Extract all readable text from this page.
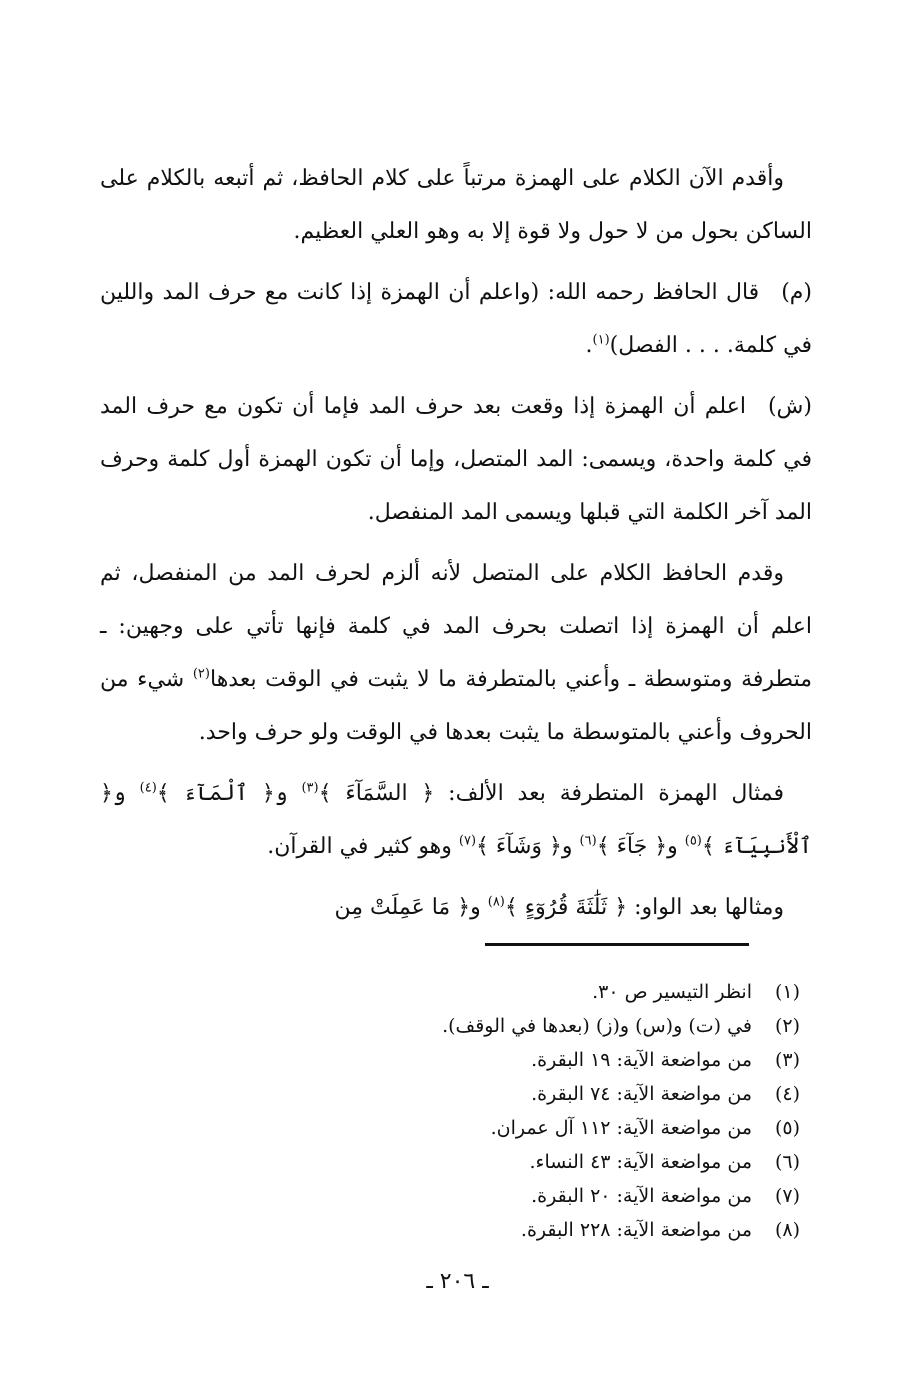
وأقدم الآن الكلام على الهمزة مرتباً على كلام الحافظ، ثم أتبعه بالكلام على الساكن بحول من لا حول ولا قوة إلا به وهو العلي العظيم.

(م)قال الحافظ رحمه الله: (واعلم أن الهمزة إذا كانت مع حرف المد واللين في كلمة. . . . الفصل)$^{(١)}$.

(ش)اعلم أن الهمزة إذا وقعت بعد حرف المد فإما أن تكون مع حرف المد في كلمة واحدة، ويسمى: المد المتصل، وإما أن تكون الهمزة أول كلمة وحرف المد آخر الكلمة التي قبلها ويسمى المد المنفصل.

وقدم الحافظ الكلام على المتصل لأنه ألزم لحرف المد من المنفصل، ثم اعلم أن الهمزة إذا اتصلت بحرف المد في كلمة فإنها تأتي على وجهين: ـ متطرفة ومتوسطة ـ وأعني بالمتطرفة ما لا يثبت في الوقت بعدها$^{(٢)}$ شيء من الحروف وأعني بالمتوسطة ما يثبت بعدها في الوقت ولو حرف واحد.

فمثال الهمزة المتطرفة بعد الألف: ﴿ السَّمَآءَ ﴾$^{(٣)}$ و﴿ ٱلْمَآءَ ﴾$^{(٤)}$ و﴿ ٱلْأَنبِيَآءَ ﴾$^{(٥)}$ و﴿ جَآءَ ﴾$^{(٦)}$ و﴿ وَشَآءَ ﴾$^{(٧)}$ وهو كثير في القرآن.

ومثالها بعد الواو: ﴿ ثَلَٰثَةَ قُرُوٓءٍ ﴾$^{(٨)}$ و﴿ مَا عَمِلَتْ مِن

(١)انظر التيسير ص ٣٠.
(٢)في (ت) و(س) و(ز) (بعدها في الوقف).
(٣)من مواضعة الآية: ١٩ البقرة.
(٤)من مواضعة الآية: ٧٤ البقرة.
(٥)من مواضعة الآية: ١١٢ آل عمران.
(٦)من مواضعة الآية: ٤٣ النساء.
(٧)من مواضعة الآية: ٢٠ البقرة.
(٨)من مواضعة الآية: ٢٢٨ البقرة.
ـ ٢٠٦ ـ
